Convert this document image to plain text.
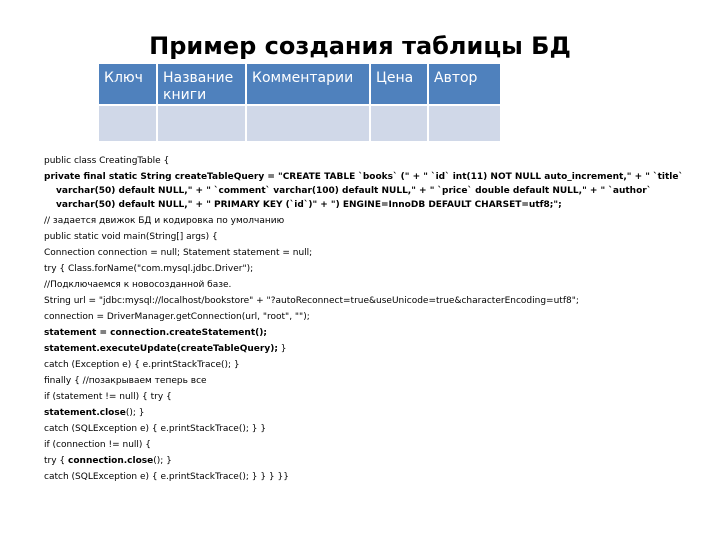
Пример создания таблицы БД
Ключ	Название книги	Комментарии	Цена	Автор

public class CreatingTable {
private final static String createTableQuery = "CREATE TABLE `books` (" + " `id` int(11) NOT NULL auto_increment," + " `title` varchar(50) default NULL," + " `comment` varchar(100) default NULL," + " `price` double default NULL," + " `author` varchar(50) default NULL," + " PRIMARY KEY (`id`)" + ") ENGINE=InnoDB DEFAULT CHARSET=utf8;";
// задается движок БД и кодировка по умолчанию
public static void main(String[] args) {
Connection connection = null; Statement statement = null;
try { Class.forName("com.mysql.jdbc.Driver");
//Подключаемся к новосозданной базе.
String url = "jdbc:mysql://localhost/bookstore" + "?autoReconnect=true&useUnicode=true&characterEncoding=utf8";
connection = DriverManager.getConnection(url, "root", "");
statement = connection.createStatement();
statement.executeUpdate(createTableQuery); }
catch (Exception e) { e.printStackTrace(); }
finally { //позакрываем теперь все
if (statement != null) { try {
statement.close(); }
catch (SQLException e) { e.printStackTrace(); } }
if (connection != null) {
try { connection.close(); }
catch (SQLException e) { e.printStackTrace(); } } } }}
